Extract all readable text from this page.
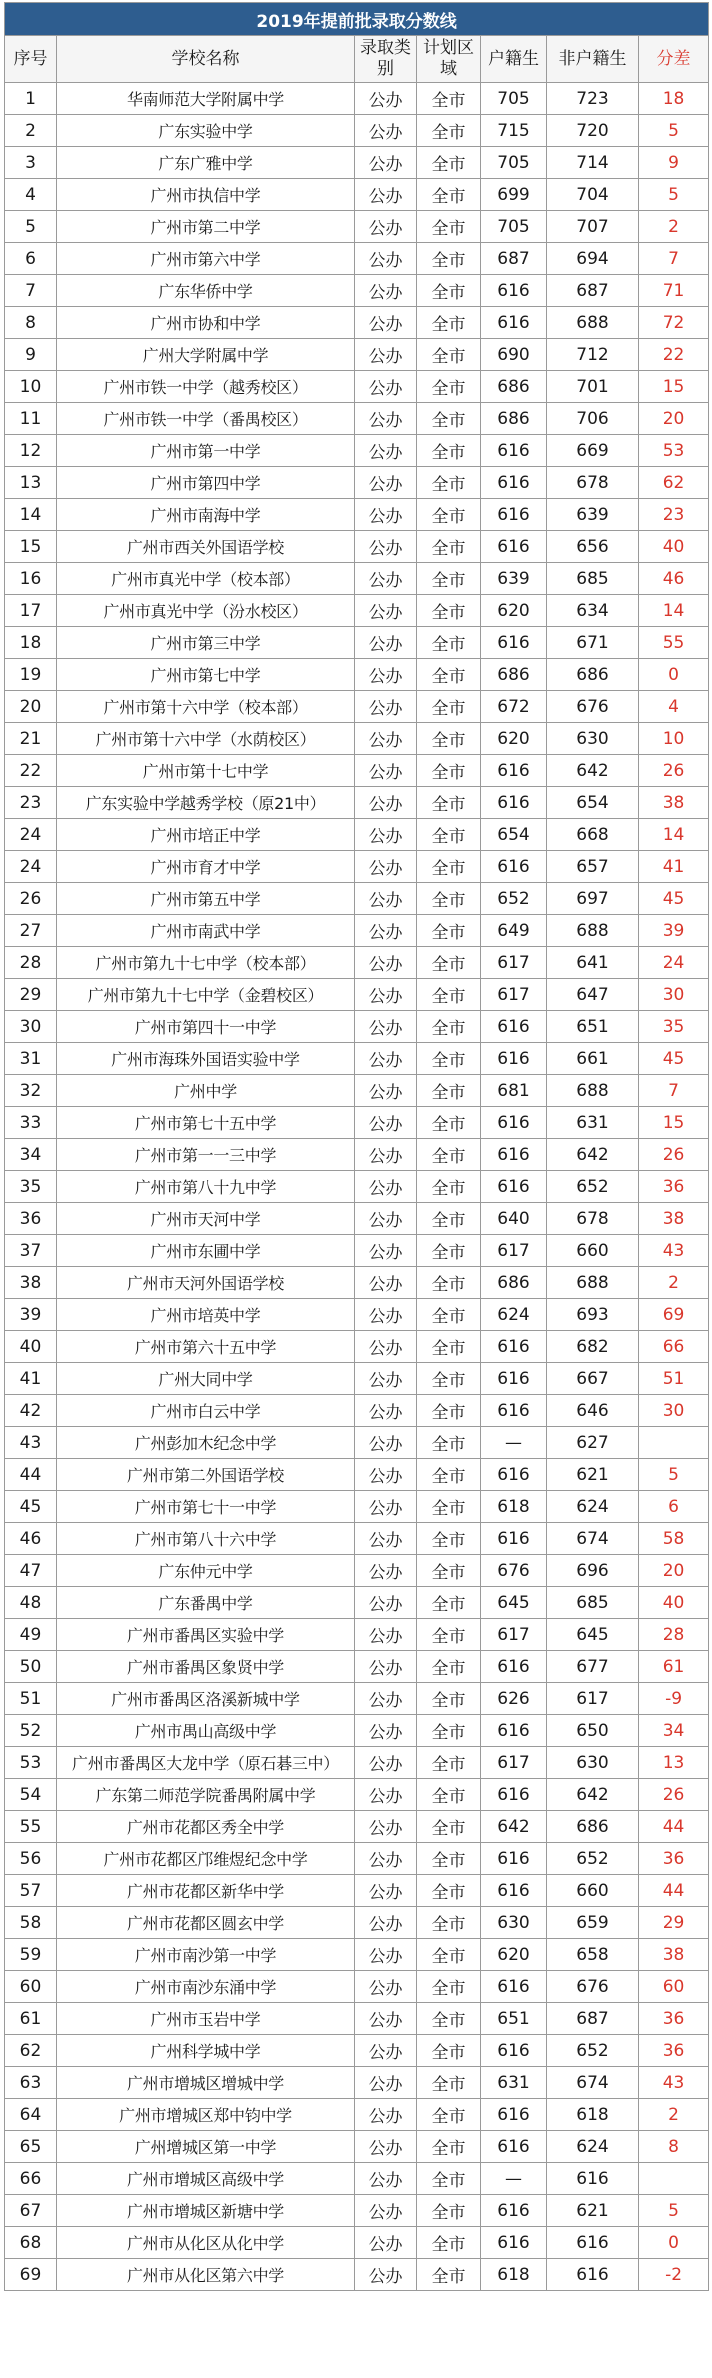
2019年提前批录取分数线						
序号	学校名称	录取类别	计划区域	户籍生	非户籍生	分差
1	华南师范大学附属中学	公办	全市	705	723	18
2	广东实验中学	公办	全市	715	720	5
3	广东广雅中学	公办	全市	705	714	9
4	广州市执信中学	公办	全市	699	704	5
5	广州市第二中学	公办	全市	705	707	2
6	广州市第六中学	公办	全市	687	694	7
7	广东华侨中学	公办	全市	616	687	71
8	广州市协和中学	公办	全市	616	688	72
9	广州大学附属中学	公办	全市	690	712	22
10	广州市铁一中学（越秀校区）	公办	全市	686	701	15
11	广州市铁一中学（番禺校区）	公办	全市	686	706	20
12	广州市第一中学	公办	全市	616	669	53
13	广州市第四中学	公办	全市	616	678	62
14	广州市南海中学	公办	全市	616	639	23
15	广州市西关外国语学校	公办	全市	616	656	40
16	广州市真光中学（校本部）	公办	全市	639	685	46
17	广州市真光中学（汾水校区）	公办	全市	620	634	14
18	广州市第三中学	公办	全市	616	671	55
19	广州市第七中学	公办	全市	686	686	0
20	广州市第十六中学（校本部）	公办	全市	672	676	4
21	广州市第十六中学（水荫校区）	公办	全市	620	630	10
22	广州市第十七中学	公办	全市	616	642	26
23	广东实验中学越秀学校（原21中）	公办	全市	616	654	38
24	广州市培正中学	公办	全市	654	668	14
24	广州市育才中学	公办	全市	616	657	41
26	广州市第五中学	公办	全市	652	697	45
27	广州市南武中学	公办	全市	649	688	39
28	广州市第九十七中学（校本部）	公办	全市	617	641	24
29	广州市第九十七中学（金碧校区）	公办	全市	617	647	30
30	广州市第四十一中学	公办	全市	616	651	35
31	广州市海珠外国语实验中学	公办	全市	616	661	45
32	广州中学	公办	全市	681	688	7
33	广州市第七十五中学	公办	全市	616	631	15
34	广州市第一一三中学	公办	全市	616	642	26
35	广州市第八十九中学	公办	全市	616	652	36
36	广州市天河中学	公办	全市	640	678	38
37	广州市东圃中学	公办	全市	617	660	43
38	广州市天河外国语学校	公办	全市	686	688	2
39	广州市培英中学	公办	全市	624	693	69
40	广州市第六十五中学	公办	全市	616	682	66
41	广州大同中学	公办	全市	616	667	51
42	广州市白云中学	公办	全市	616	646	30
43	广州彭加木纪念中学	公办	全市	—	627	
44	广州市第二外国语学校	公办	全市	616	621	5
45	广州市第七十一中学	公办	全市	618	624	6
46	广州市第八十六中学	公办	全市	616	674	58
47	广东仲元中学	公办	全市	676	696	20
48	广东番禺中学	公办	全市	645	685	40
49	广州市番禺区实验中学	公办	全市	617	645	28
50	广州市番禺区象贤中学	公办	全市	616	677	61
51	广州市番禺区洛溪新城中学	公办	全市	626	617	-9
52	广州市禺山高级中学	公办	全市	616	650	34
53	广州市番禺区大龙中学（原石碁三中）	公办	全市	617	630	13
54	广东第二师范学院番禺附属中学	公办	全市	616	642	26
55	广州市花都区秀全中学	公办	全市	642	686	44
56	广州市花都区邝维煜纪念中学	公办	全市	616	652	36
57	广州市花都区新华中学	公办	全市	616	660	44
58	广州市花都区圆玄中学	公办	全市	630	659	29
59	广州市南沙第一中学	公办	全市	620	658	38
60	广州市南沙东涌中学	公办	全市	616	676	60
61	广州市玉岩中学	公办	全市	651	687	36
62	广州科学城中学	公办	全市	616	652	36
63	广州市增城区增城中学	公办	全市	631	674	43
64	广州市增城区郑中钧中学	公办	全市	616	618	2
65	广州增城区第一中学	公办	全市	616	624	8
66	广州市增城区高级中学	公办	全市	—	616	
67	广州市增城区新塘中学	公办	全市	616	621	5
68	广州市从化区从化中学	公办	全市	616	616	0
69	广州市从化区第六中学	公办	全市	618	616	-2
